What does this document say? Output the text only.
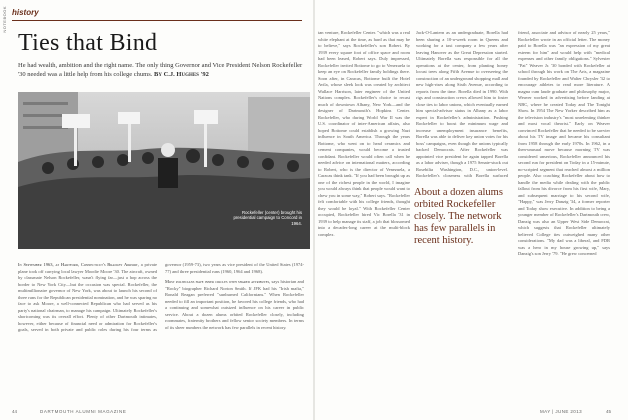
NOTEBOOK history
Ties that Bind
He had wealth, ambition and the right name. The only thing Governor and Vice President Nelson Rockefeller '30 needed was a little help from his college chums. By C.J. Hughes '92
Rockefeller (center) brought his presidential campaign to Concord in 1964.

In September 1963, at Hartford, Connecticut's Bradley Airport, a private plane took off carrying local lawyer Moodie Moore '30. The aircraft, owned by classmate Nelson Rockefeller, wasn't flying far—just a hop across the border to New York City—but the occasion was special. Rockefeller, the multimillionaire governor of New York, was about to launch his second of three runs for the Republican presidential nomination, and he was sparing no face to ask Moore, a well-connected Republican who had served as his party's national chairman, to manage his campaign. Ultimately Rockefeller's shortcoming was its overall effort. Plenty of other Dartmouth intimates, however, either because of financial need or admiration for Rockefeller's goals, served in both private and public roles during his four terms as governor (1959-73), two years as vice president of the United States (1974-77) and three presidential runs (1960, 1964 and 1968).

Most politicians have inner circles with shared attributes, says historian and "Rocky" biographer Richard Norton Smith. If JFK had his "Irish mafia," Ronald Reagan preferred "sunburned Californians." When Rockefeller needed to fill an important position, he favored his college friends, who had a continuing and somewhat outsized influence on his career in public service. About a dozen alums orbited Rockefeller closely, including roommates, fraternity brothers and fellow senior society members. In terms of its sheer numbers the network has few parallels in recent history.

tan venture, Rockefeller Center. "which was a real white elephant at the time, as hard as that may be to believe," says Rockefeller's son Robert. By 1939 every square foot of office space and room had been leased, Robert says. Duly impressed, Rockefeller invited Bottome to go to Venezuela to keep an eye on Rockefeller family holdings there. Soon after, in Caracas, Bottome built the Hotel Avila, whose sleek look was created by architect Wallace Harrison, later engineer of the United Nations complex. Rockefeller's choice to recast much of downtown Albany, New York—and the designer of Dartmouth's Hopkins Center. Rockefeller, who during World War II was the U.S. coordinator of inter-American affairs, also hoped Bottome could establish a growing Nazi influence in South America. Through the years Bottome, who went on to head ceramics and cement companies, would become a trusted confidant. Rockefeller would often call when he needed advice on international matters, according to Robert, who is the director of Venezuela, a Caracas think tank. "If you had been brought up as one of the richest people in the world, I imagine you would always think that people would want to chew you in some way," Robert says. "Rockefeller felt comfortable with his college friends, thought they would be loyal." With Rockefeller Center occupied, Rockefeller hired Vic Borella '31 in 1939 to help manage its staff, a job that blossomed into a decades-long career at the multi-block complex.

Jack-O-Lantern as an undergraduate, Borella had been sharing a 10-a-week room in Queens and working for a taxi company a few years after leaving Hanover as the Great Depression started. Ultimately Borella was responsible for all the operations at the center, from planting honey locust trees along Fifth Avenue to overseeing the construction of an underground shopping mall and new high-rises along Sixth Avenue, according to reports from the time. Borella died in 1990. With rigs and construction crews allowed him to foster close ties to labor unions, which eventually earned him special-advisor status in Albany as a labor expert in Rockefeller's administration. Pushing Rockefeller to boost the minimum wage and increase unemployment insurance benefits, Borella was able to deliver key union votes for his boss' campaigns, even though the unions typically backed Democrats. After Rockefeller was appointed vice president he again tapped Borella as a labor adviser, though a 1975 Senate-stuck out Rosebilia Washington, D.C., union-level. Rockefeller's closeness with Borella surfaced

About a dozen alums orbited Rockefeller closely. The network has few parallels in recent history.

friend, associate and advisor of nearly 25 years," Rockefeller wrote in an official letter. The money paid to Borella was "an expression of my great esteem for him" and would help with "medical expenses and other family obligations." Sylvester "Pat" Weaver Jr. '30 bonded with Rockefeller at school through his work on The Arts, a magazine founded by Rockefeller and Walter Chrysler '32 to encourage athletes to read more literature. A magna cum laude graduate and philosophy major, Weaver worked in advertising before landing at NBC, where he created Today and The Tonight Show. In 1954 The New Yorker described him as the television industry's "most unrelenting thinker and most vocal theorist." Early on Weaver convinced Rockefeller that he needed to be savvier about his TV image and became his consultant from 1958 through the early 1970s. In 1962, in a then-unusual move because morning TV was considered unserious, Rockefeller announced his second run for president on Today in a 15-minute, no-scripted segment that reached almost a million people. Also coaching Rockefeller about how to handle the media while dealing with the public fallout from his divorce from his first wife, Mary, and subsequent marriage to his second wife, "Happy," was Jerry Danzig '34, a former reporter and Today show executive. In addition to being a younger member of Rockefeller's Dartmouth crew, Danzig was also an Upper West Side Democrat, which suggests that Rockefeller ultimately believed College ties outweighed many other considerations. "My dad was a liberal, and FDR was a hero in my house growing up," says Danzig's son Jerry '79. "He grew concerned

44	DARTMOUTH ALUMNI MAGAZINE	MAY | JUNE 2013	45
